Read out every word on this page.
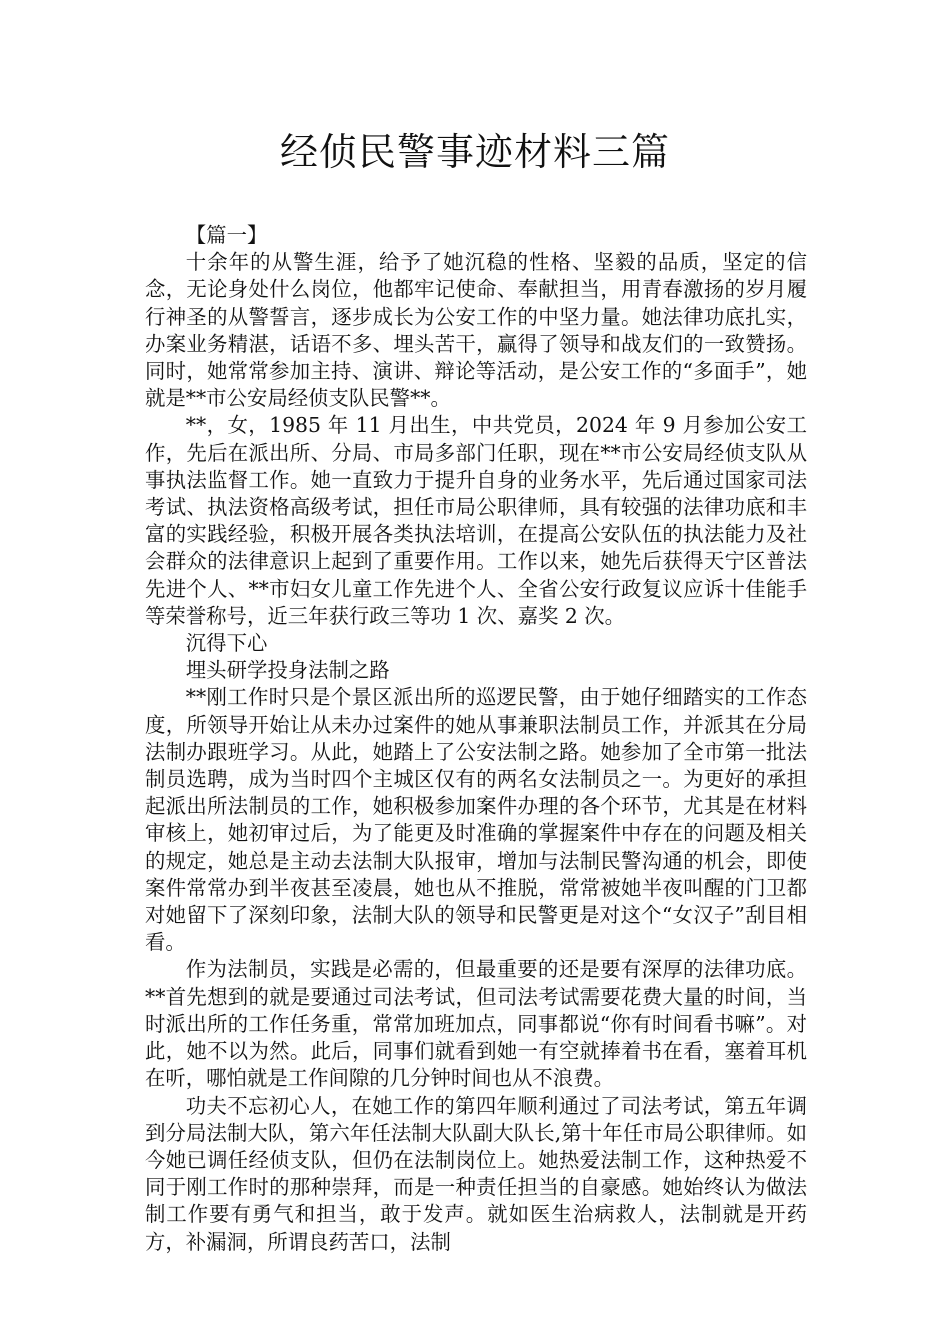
经侦民警事迹材料三篇

【篇一】

十余年的从警生涯，给予了她沉稳的性格、坚毅的品质，坚定的信念，无论身处什么岗位，他都牢记使命、奉献担当，用青春激扬的岁月履行神圣的从警誓言，逐步成长为公安工作的中坚力量。她法律功底扎实，办案业务精湛，话语不多、埋头苦干，赢得了领导和战友们的一致赞扬。同时，她常常参加主持、演讲、辩论等活动，是公安工作的“多面手”，她就是**市公安局经侦支队民警**。

**，女，1985 年 11 月出生，中共党员，2024 年 9 月参加公安工作，先后在派出所、分局、市局多部门任职，现在**市公安局经侦支队从事执法监督工作。她一直致力于提升自身的业务水平，先后通过国家司法考试、执法资格高级考试，担任市局公职律师，具有较强的法律功底和丰富的实践经验，积极开展各类执法培训，在提高公安队伍的执法能力及社会群众的法律意识上起到了重要作用。工作以来，她先后获得天宁区普法先进个人、**市妇女儿童工作先进个人、全省公安行政复议应诉十佳能手等荣誉称号，近三年获行政三等功 1 次、嘉奖 2 次。

沉得下心

埋头研学投身法制之路

**刚工作时只是个景区派出所的巡逻民警，由于她仔细踏实的工作态度，所领导开始让从未办过案件的她从事兼职法制员工作，并派其在分局法制办跟班学习。从此，她踏上了公安法制之路。她参加了全市第一批法制员选聘，成为当时四个主城区仅有的两名女法制员之一。为更好的承担起派出所法制员的工作，她积极参加案件办理的各个环节，尤其是在材料审核上，她初审过后，为了能更及时准确的掌握案件中存在的问题及相关的规定，她总是主动去法制大队报审，增加与法制民警沟通的机会，即使案件常常办到半夜甚至凌晨，她也从不推脱，常常被她半夜叫醒的门卫都对她留下了深刻印象，法制大队的领导和民警更是对这个“女汉子”刮目相看。

作为法制员，实践是必需的，但最重要的还是要有深厚的法律功底。**首先想到的就是要通过司法考试，但司法考试需要花费大量的时间，当时派出所的工作任务重，常常加班加点，同事都说“你有时间看书嘛”。对此，她不以为然。此后，同事们就看到她一有空就捧着书在看，塞着耳机在听，哪怕就是工作间隙的几分钟时间也从不浪费。

功夫不忘初心人，在她工作的第四年顺利通过了司法考试，第五年调到分局法制大队，第六年任法制大队副大队长,第十年任市局公职律师。如今她已调任经侦支队，但仍在法制岗位上。她热爱法制工作，这种热爱不同于刚工作时的那种崇拜，而是一种责任担当的自豪感。她始终认为做法制工作要有勇气和担当，敢于发声。就如医生治病救人，法制就是开药方，补漏洞，所谓良药苦口，法制
